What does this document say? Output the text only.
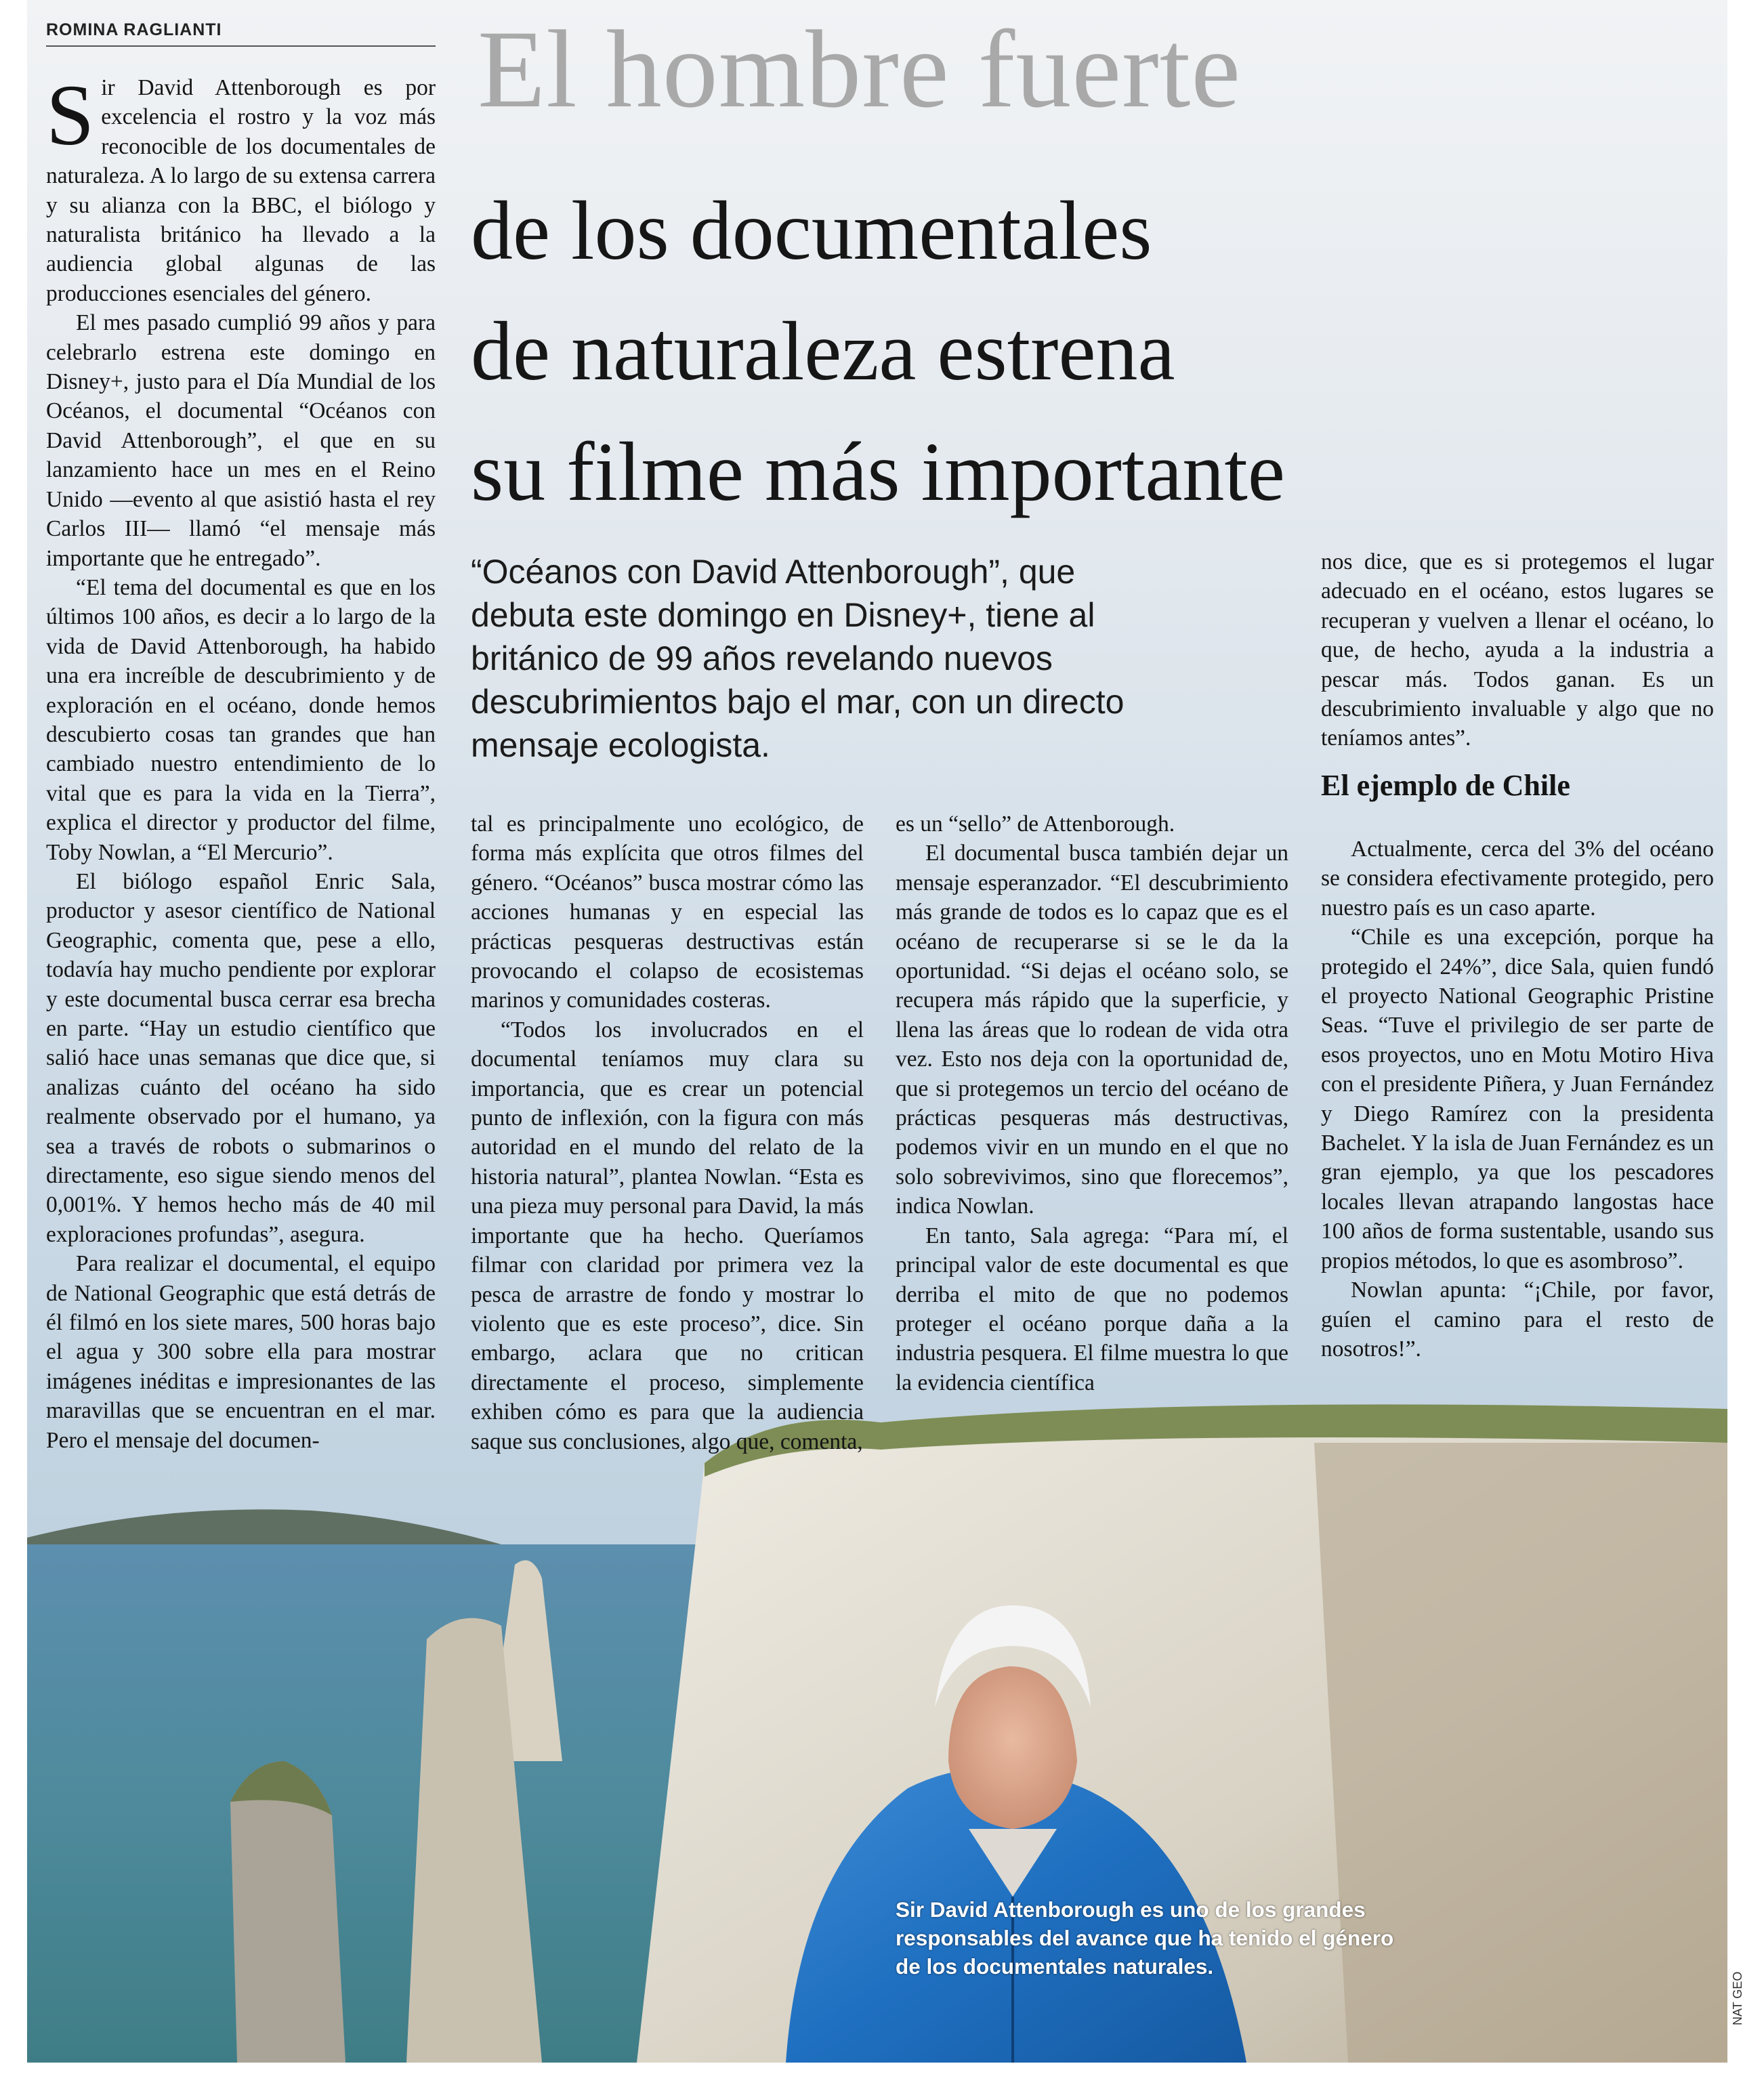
ROMINA RAGLIANTI	El hombre fuerte
de los documentales
de naturaleza estrena
su filme más importante
“Océanos con David Attenborough”, que
debuta este domingo en Disney+, tiene al
británico de 99 años revelando nuevos
descubrimientos bajo el mar, con un directo
mensaje ecologista.
S ir David Attenborough es por excelencia el rostro y la voz más reconocible de los documentales de naturaleza. A lo largo de su extensa carrera y su alianza con la BBC, el biólogo y naturalista británico ha llevado a la audiencia global algunas de las producciones esenciales del género.

El mes pasado cumplió 99 años y para celebrarlo estrena este domingo en Disney+, justo para el Día Mundial de los Océanos, el documental “Océanos con David Attenborough”, el que en su lanzamiento hace un mes en el Reino Unido —evento al que asistió hasta el rey Carlos III— llamó “el mensaje más importante que he entregado”.

“El tema del documental es que en los últimos 100 años, es decir a lo largo de la vida de David Attenborough, ha habido una era increíble de descubrimiento y de exploración en el océano, donde hemos descubierto cosas tan grandes que han cambiado nuestro entendimiento de lo vital que es para la vida en la Tierra”, explica el director y productor del filme, Toby Nowlan, a “El Mercurio”.

El biólogo español Enric Sala, productor y asesor científico de National Geographic, comenta que, pese a ello, todavía hay mucho pendiente por explorar y este documental busca cerrar esa brecha en parte. “Hay un estudio científico que salió hace unas semanas que dice que, si analizas cuánto del océano ha sido realmente observado por el humano, ya sea a través de robots o submarinos o directamente, eso sigue siendo menos del 0,001%. Y hemos hecho más de 40 mil exploraciones profundas”, asegura.

Para realizar el documental, el equipo de National Geographic que está detrás de él filmó en los siete mares, 500 horas bajo el agua y 300 sobre ella para mostrar imágenes inéditas e impresionantes de las maravillas que se encuentran en el mar. Pero el mensaje del documen-

tal es principalmente uno ecológico, de forma más explícita que otros filmes del género. “Océanos” busca mostrar cómo las acciones humanas y en especial las prácticas pesqueras destructivas están provocando el colapso de ecosistemas marinos y comunidades costeras.

“Todos los involucrados en el documental teníamos muy clara su importancia, que es crear un potencial punto de inflexión, con la figura con más autoridad en el mundo del relato de la historia natural”, plantea Nowlan. “Esta es una pieza muy personal para David, la más importante que ha hecho. Queríamos filmar con claridad por primera vez la pesca de arrastre de fondo y mostrar lo violento que es este proceso”, dice. Sin embargo, aclara que no critican directamente el proceso, simplemente exhiben cómo es para que la audiencia saque sus conclusiones, algo que, comenta,

es un “sello” de Attenborough.

El documental busca también dejar un mensaje esperanzador. “El descubrimiento más grande de todos es lo capaz que es el océano de recuperarse si se le da la oportunidad. “Si dejas el océano solo, se recupera más rápido que la superficie, y llena las áreas que lo rodean de vida otra vez. Esto nos deja con la oportunidad de, que si protegemos un tercio del océano de prácticas pesqueras más destructivas, podemos vivir en un mundo en el que no solo sobrevivimos, sino que florecemos”, indica Nowlan.

En tanto, Sala agrega: “Para mí, el principal valor de este documental es que derriba el mito de que no podemos proteger el océano porque daña a la industria pesquera. El filme muestra lo que la evidencia científica

nos dice, que es si protegemos el lugar adecuado en el océano, estos lugares se recuperan y vuelven a llenar el océano, lo que, de hecho, ayuda a la industria a pescar más. Todos ganan. Es un descubrimiento invaluable y algo que no teníamos antes”.

El ejemplo de Chile

Actualmente, cerca del 3% del océano se considera efectivamente protegido, pero nuestro país es un caso aparte.

“Chile es una excepción, porque ha protegido el 24%”, dice Sala, quien fundó el proyecto National Geographic Pristine Seas. “Tuve el privilegio de ser parte de esos proyectos, uno en Motu Motiro Hiva con el presidente Piñera, y Juan Fernández y Diego Ramírez con la presidenta Bachelet. Y la isla de Juan Fernández es un gran ejemplo, ya que los pescadores locales llevan atrapando langostas hace 100 años de forma sustentable, usando sus propios métodos, lo que es asombroso”.

Nowlan apunta: “¡Chile, por favor, guíen el camino para el resto de nosotros!”.

Sir David Attenborough es uno de los grandes responsables del avance que ha tenido el género de los documentales naturales.
NAT GEO
